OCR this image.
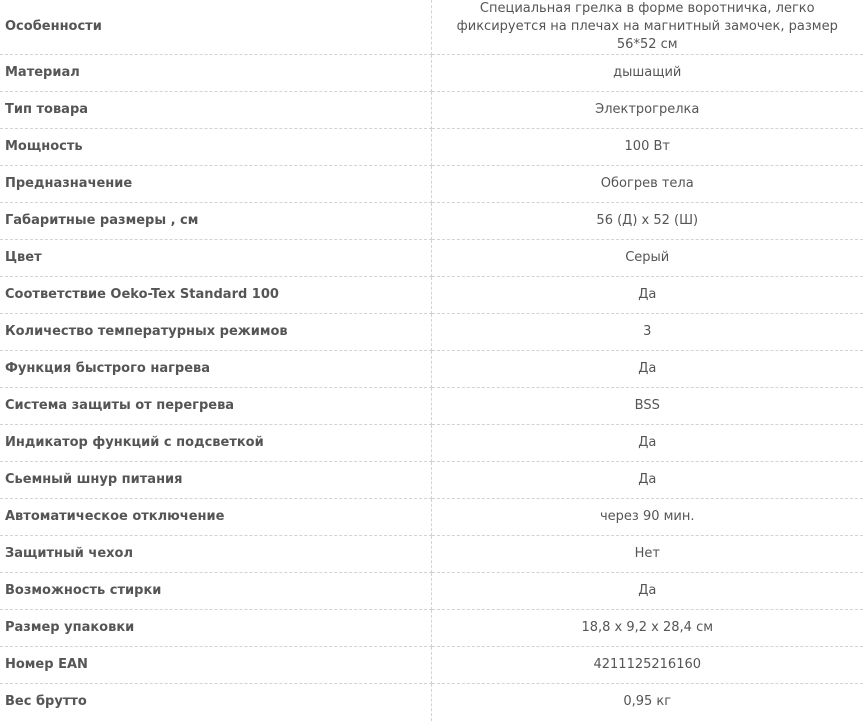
Особенности	Специальная грелка в форме воротничка, легко фиксируется на плечах на магнитный замочек, размер 56*52 см
Материал	дышащий
Тип товара	Электрогрелка
Мощность	100 Вт
Предназначение	Обогрев тела
Габаритные размеры , см	56 (Д) x 52 (Ш)
Цвет	Серый
Соответствие Oeko-Tex Standard 100	Да
Количество температурных режимов	3
Функция быстрого нагрева	Да
Система защиты от перегрева	BSS
Индикатор функций с подсветкой	Да
Сьемный шнур питания	Да
Автоматическое отключение	через 90 мин.
Защитный чехол	Нет
Возможность стирки	Да
Размер упаковки	18,8 x 9,2 x 28,4 см
Номер EAN	4211125216160
Вес брутто	0,95 кг
